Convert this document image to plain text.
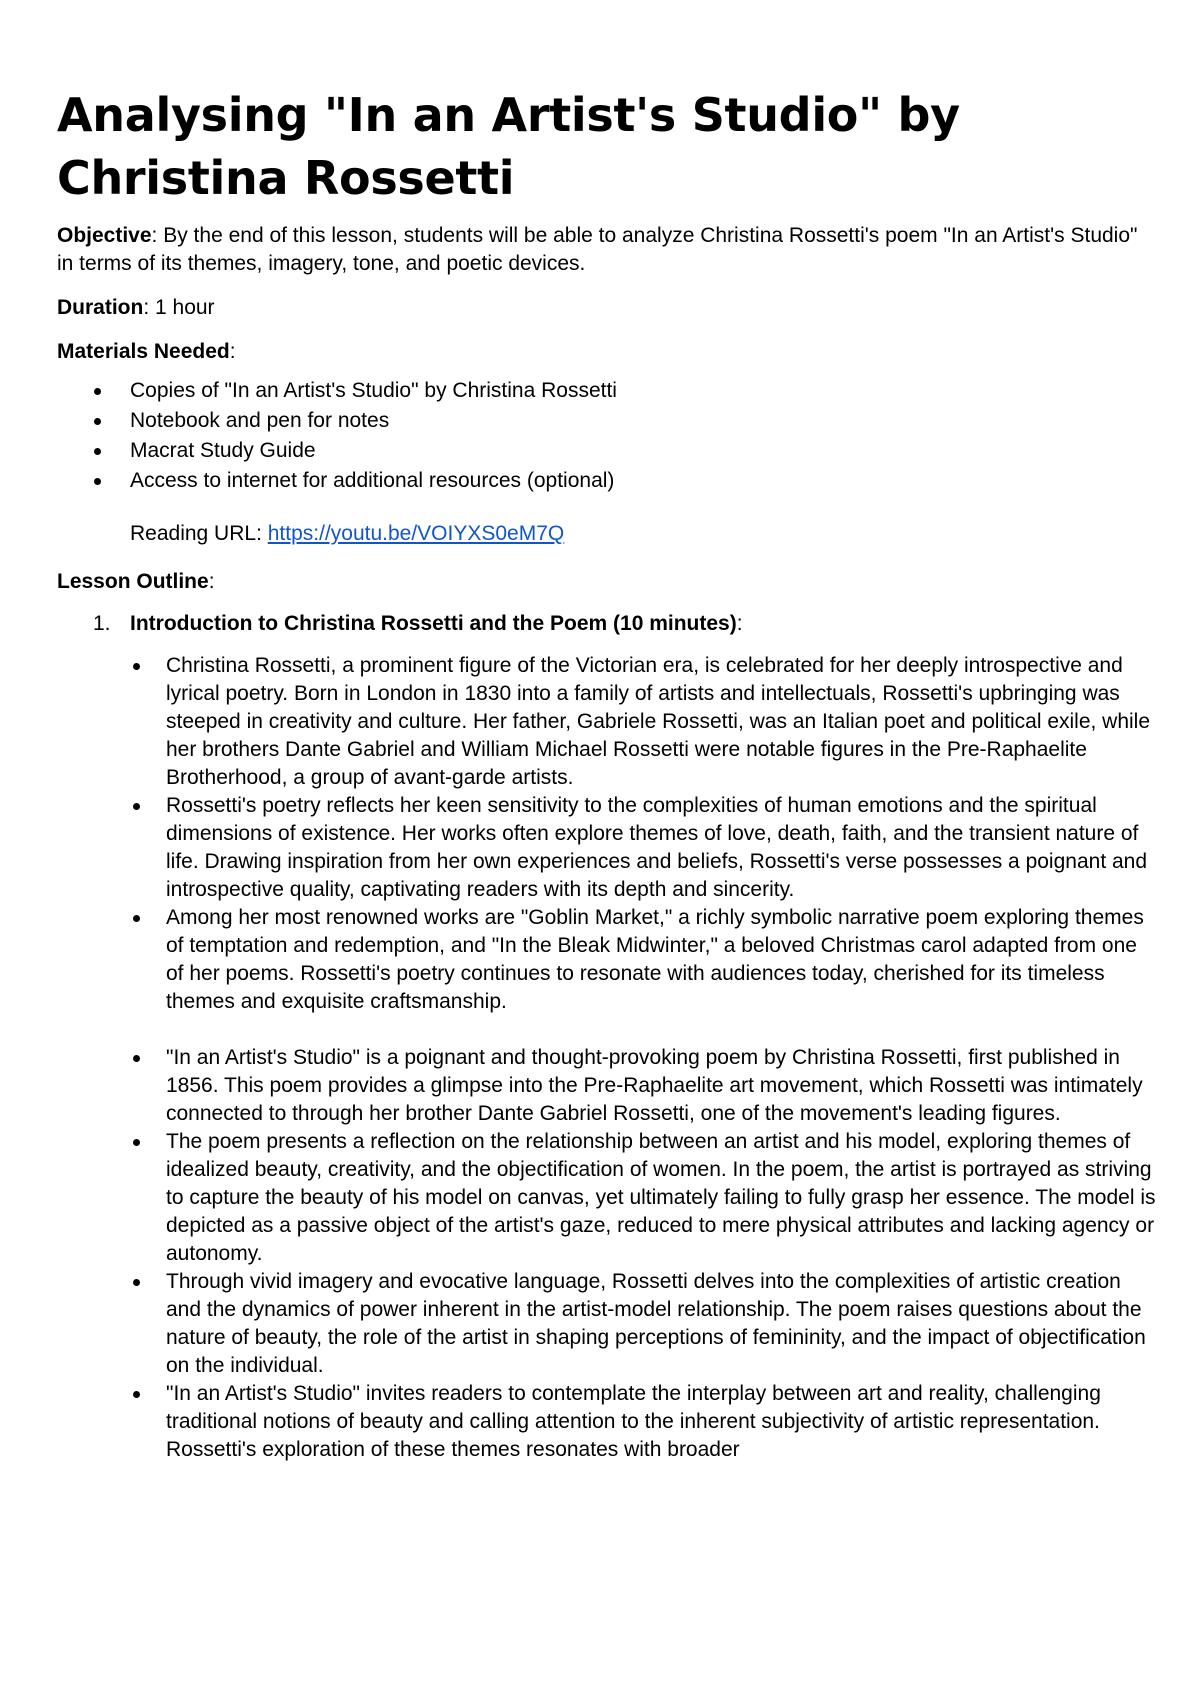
Analysing "In an Artist's Studio" by Christina Rossetti

Objective: By the end of this lesson, students will be able to analyze Christina Rossetti's poem "In an Artist's Studio" in terms of its themes, imagery, tone, and poetic devices.

Duration: 1 hour

Materials Needed:

Copies of "In an Artist's Studio" by Christina Rossetti
Notebook and pen for notes
Macrat Study Guide
Access to internet for additional resources (optional)
Reading URL: https://youtu.be/VOIYXS0eM7Q

Lesson Outline:

1. Introduction to Christina Rossetti and the Poem (10 minutes):
Christina Rossetti, a prominent figure of the Victorian era, is celebrated for her deeply introspective and lyrical poetry. Born in London in 1830 into a family of artists and intellectuals, Rossetti's upbringing was steeped in creativity and culture. Her father, Gabriele Rossetti, was an Italian poet and political exile, while her brothers Dante Gabriel and William Michael Rossetti were notable figures in the Pre-Raphaelite Brotherhood, a group of avant-garde artists.
Rossetti's poetry reflects her keen sensitivity to the complexities of human emotions and the spiritual dimensions of existence. Her works often explore themes of love, death, faith, and the transient nature of life. Drawing inspiration from her own experiences and beliefs, Rossetti's verse possesses a poignant and introspective quality, captivating readers with its depth and sincerity.
Among her most renowned works are "Goblin Market," a richly symbolic narrative poem exploring themes of temptation and redemption, and "In the Bleak Midwinter," a beloved Christmas carol adapted from one of her poems. Rossetti's poetry continues to resonate with audiences today, cherished for its timeless themes and exquisite craftsmanship.
"In an Artist's Studio" is a poignant and thought-provoking poem by Christina Rossetti, first published in 1856. This poem provides a glimpse into the Pre-Raphaelite art movement, which Rossetti was intimately connected to through her brother Dante Gabriel Rossetti, one of the movement's leading figures.
The poem presents a reflection on the relationship between an artist and his model, exploring themes of idealized beauty, creativity, and the objectification of women. In the poem, the artist is portrayed as striving to capture the beauty of his model on canvas, yet ultimately failing to fully grasp her essence. The model is depicted as a passive object of the artist's gaze, reduced to mere physical attributes and lacking agency or autonomy.
Through vivid imagery and evocative language, Rossetti delves into the complexities of artistic creation and the dynamics of power inherent in the artist-model relationship. The poem raises questions about the nature of beauty, the role of the artist in shaping perceptions of femininity, and the impact of objectification on the individual.
"In an Artist's Studio" invites readers to contemplate the interplay between art and reality, challenging traditional notions of beauty and calling attention to the inherent subjectivity of artistic representation. Rossetti's exploration of these themes resonates with broader
